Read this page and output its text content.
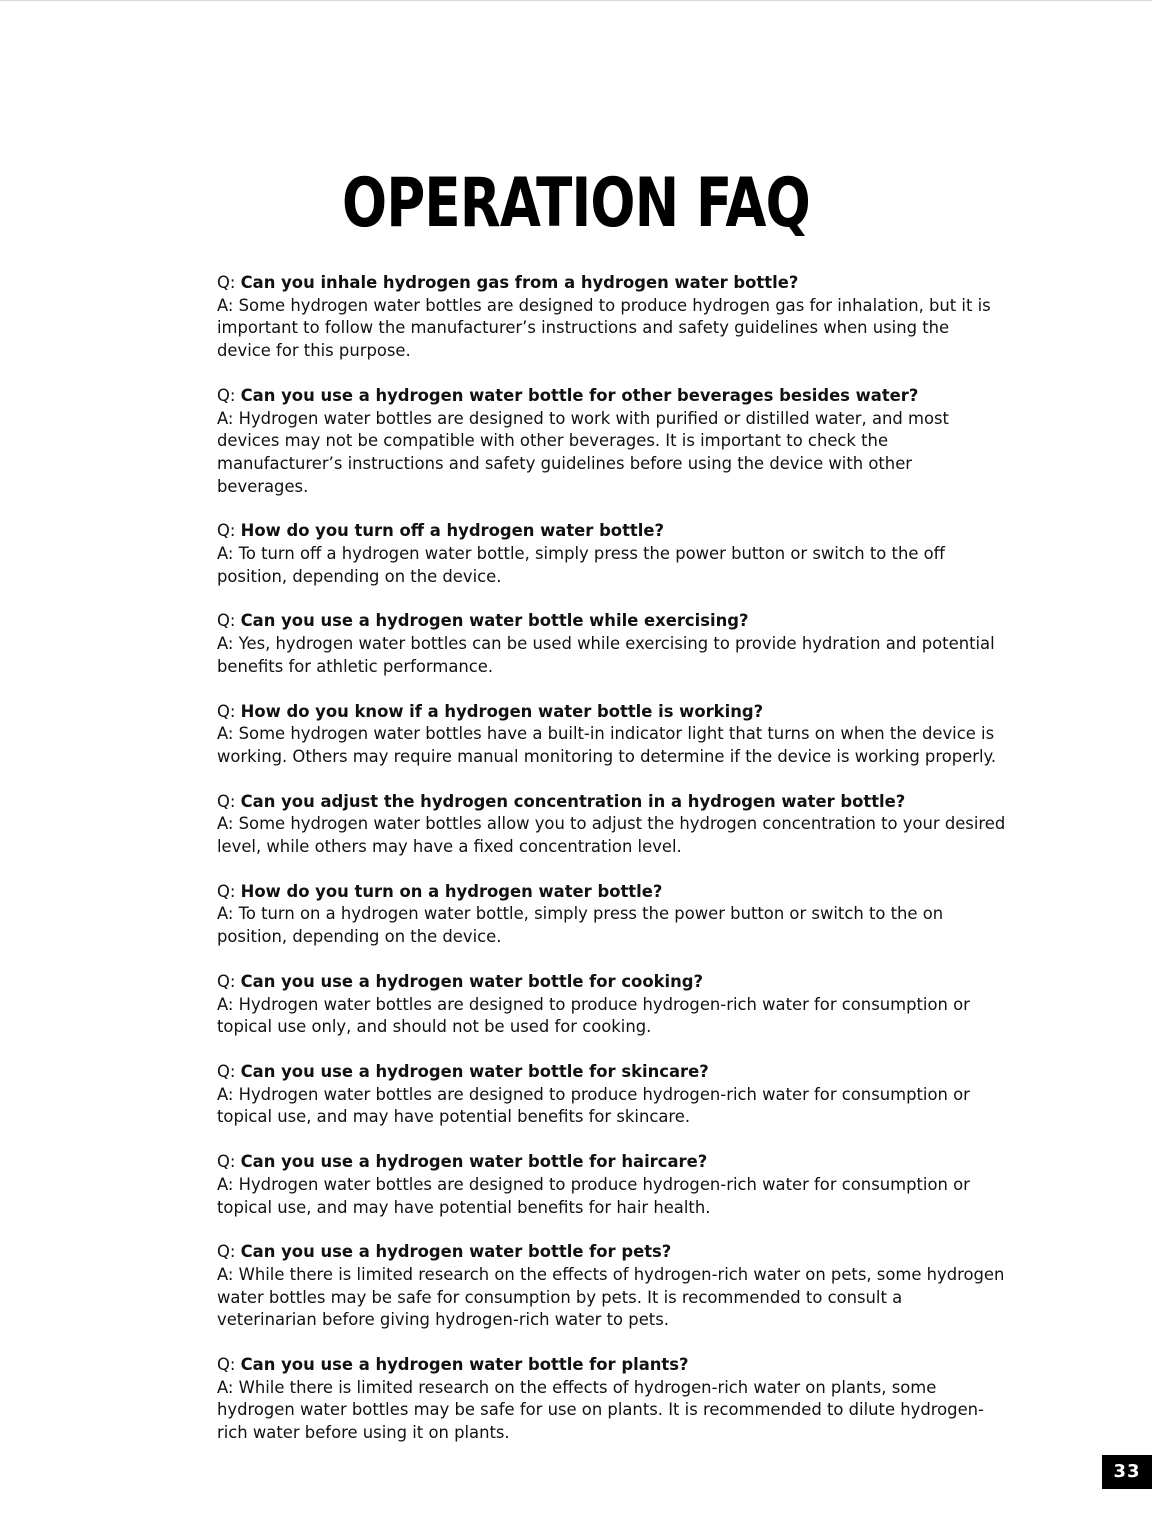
OPERATION FAQ

Q: Can you inhale hydrogen gas from a hydrogen water bottle?

A: Some hydrogen water bottles are designed to produce hydrogen gas for inhalation, but it is important to follow the manufacturer’s instructions and safety guidelines when using the device for this purpose.

Q: Can you use a hydrogen water bottle for other beverages besides water?

A: Hydrogen water bottles are designed to work with purified or distilled water, and most devices may not be compatible with other beverages. It is important to check the manufacturer’s instructions and safety guidelines before using the device with other beverages.

Q: How do you turn off a hydrogen water bottle?

A: To turn off a hydrogen water bottle, simply press the power button or switch to the off position, depending on the device.

Q: Can you use a hydrogen water bottle while exercising?

A: Yes, hydrogen water bottles can be used while exercising to provide hydration and potential benefits for athletic performance.

Q: How do you know if a hydrogen water bottle is working?

A: Some hydrogen water bottles have a built-in indicator light that turns on when the device is working. Others may require manual monitoring to determine if the device is working properly.

Q: Can you adjust the hydrogen concentration in a hydrogen water bottle?

A: Some hydrogen water bottles allow you to adjust the hydrogen concentration to your desired level, while others may have a fixed concentration level.

Q: How do you turn on a hydrogen water bottle?

A: To turn on a hydrogen water bottle, simply press the power button or switch to the on position, depending on the device.

Q: Can you use a hydrogen water bottle for cooking?

A: Hydrogen water bottles are designed to produce hydrogen-rich water for consumption or topical use only, and should not be used for cooking.

Q: Can you use a hydrogen water bottle for skincare?

A: Hydrogen water bottles are designed to produce hydrogen-rich water for consumption or topical use, and may have potential benefits for skincare.

Q: Can you use a hydrogen water bottle for haircare?

A: Hydrogen water bottles are designed to produce hydrogen-rich water for consumption or topical use, and may have potential benefits for hair health.

Q: Can you use a hydrogen water bottle for pets?

A: While there is limited research on the effects of hydrogen-rich water on pets, some hydrogen water bottles may be safe for consumption by pets. It is recommended to consult a veterinarian before giving hydrogen-rich water to pets.

Q: Can you use a hydrogen water bottle for plants?

A: While there is limited research on the effects of hydrogen-rich water on plants, some hydrogen water bottles may be safe for use on plants. It is recommended to dilute hydrogen-rich water before using it on plants.

33
